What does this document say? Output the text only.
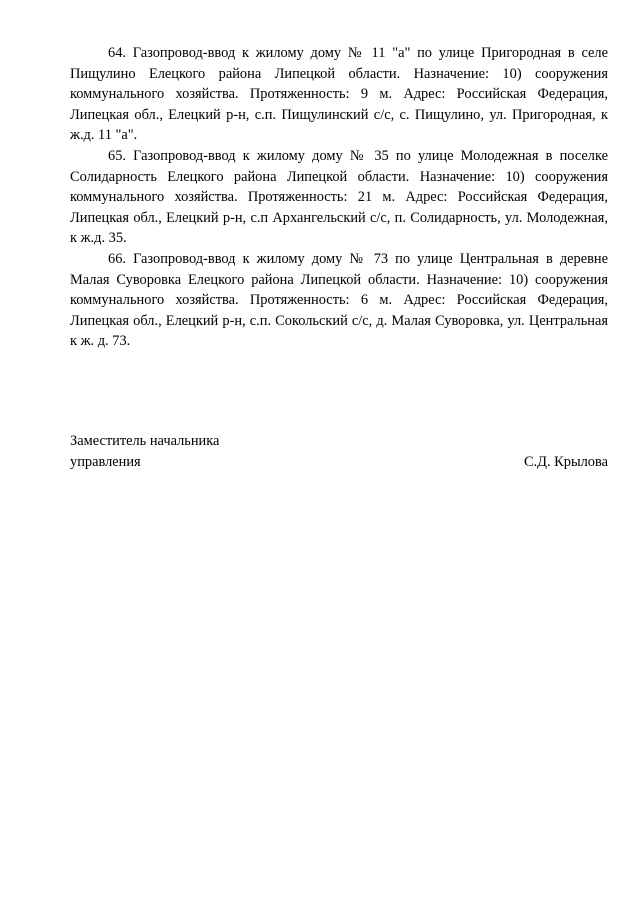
64. Газопровод-ввод к жилому дому № 11 "а" по улице Пригородная в селе Пищулино Елецкого района Липецкой области. Назначение: 10) сооружения коммунального хозяйства. Протяженность: 9 м. Адрес: Российская Федерация, Липецкая обл., Елецкий р-н, с.п. Пищулинский с/с, с. Пищулино, ул. Пригородная, к ж.д. 11 "а".

65. Газопровод-ввод к жилому дому № 35 по улице Молодежная в поселке Солидарность Елецкого района Липецкой области. Назначение: 10) сооружения коммунального хозяйства. Протяженность: 21 м. Адрес: Российская Федерация, Липецкая обл., Елецкий р-н, с.п Архангельский с/с, п. Солидарность, ул. Молодежная, к ж.д. 35.

66. Газопровод-ввод к жилому дому № 73 по улице Центральная в деревне Малая Суворовка Елецкого района Липецкой области. Назначение: 10) сооружения коммунального хозяйства. Протяженность: 6 м. Адрес: Российская Федерация, Липецкая обл., Елецкий р-н, с.п. Сокольский с/с, д. Малая Суворовка, ул. Центральная к ж. д. 73.

Заместитель начальника
управления	С.Д. Крылова
